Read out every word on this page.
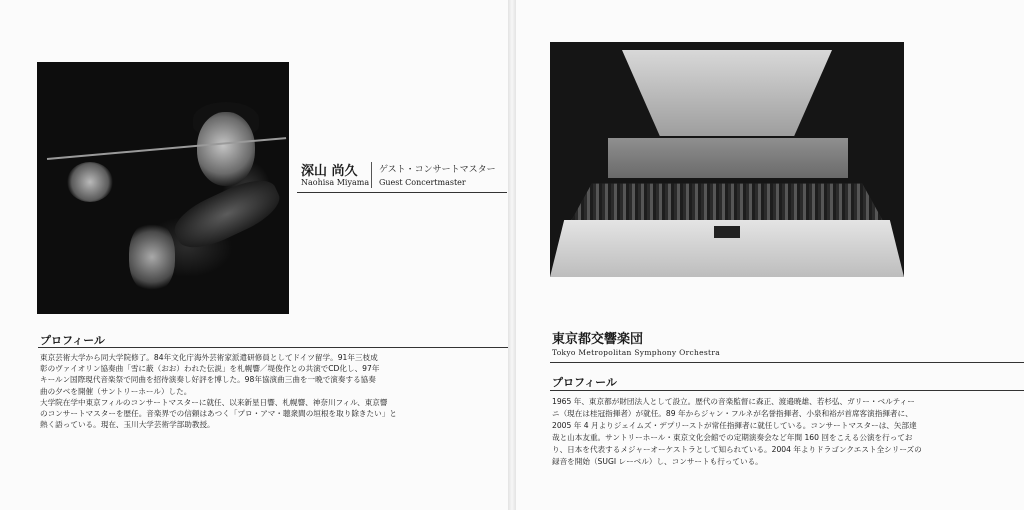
深山 尚久
Naohisa Miyama
ゲスト・コンサートマスター
Guest Concertmaster
プロフィール
東京芸術大学から同大学院修了。84年文化庁海外芸術家派遣研修員としてドイツ留学。91年三枝成
彰のヴァイオリン協奏曲「雪に蔽（おお）われた伝説」を札幌響／堤俊作との共演でCD化し、97年
キールン国際現代音楽祭で同曲を招待演奏し好評を博した。98年協演曲三曲を一晩で演奏する協奏
曲の夕べを開催（サントリーホール）した。
大学院在学中東京フィルのコンサートマスターに就任、以来新星日響、札幌響、神奈川フィル、東京響
のコンサートマスターを歴任。音楽界での信頼はあつく「プロ・アマ・聴衆間の垣根を取り除きたい」と
熱く語っている。現在、玉川大学芸術学部助教授。
東京都交響楽団
Tokyo Metropolitan Symphony Orchestra
プロフィール
1965 年、東京都が財団法人として設立。歴代の音楽監督に森正、渡邉暁雄、若杉弘、ガリー・ベルティー
ニ（現在は桂冠指揮者）が就任。89 年からジャン・フルネが名誉指揮者、小泉和裕が首席客演指揮者に、
2005 年 4 月よりジェイムズ・デプリーストが常任指揮者に就任している。コンサートマスターは、矢部達
哉と山本友重。サントリーホール・東京文化会館での定期演奏会など年間 160 回をこえる公演を行ってお
り、日本を代表するメジャーオーケストラとして知られている。2004 年よりドラゴンクエスト全シリーズの
録音を開始（SUGI レーベル）し、コンサートも行っている。
